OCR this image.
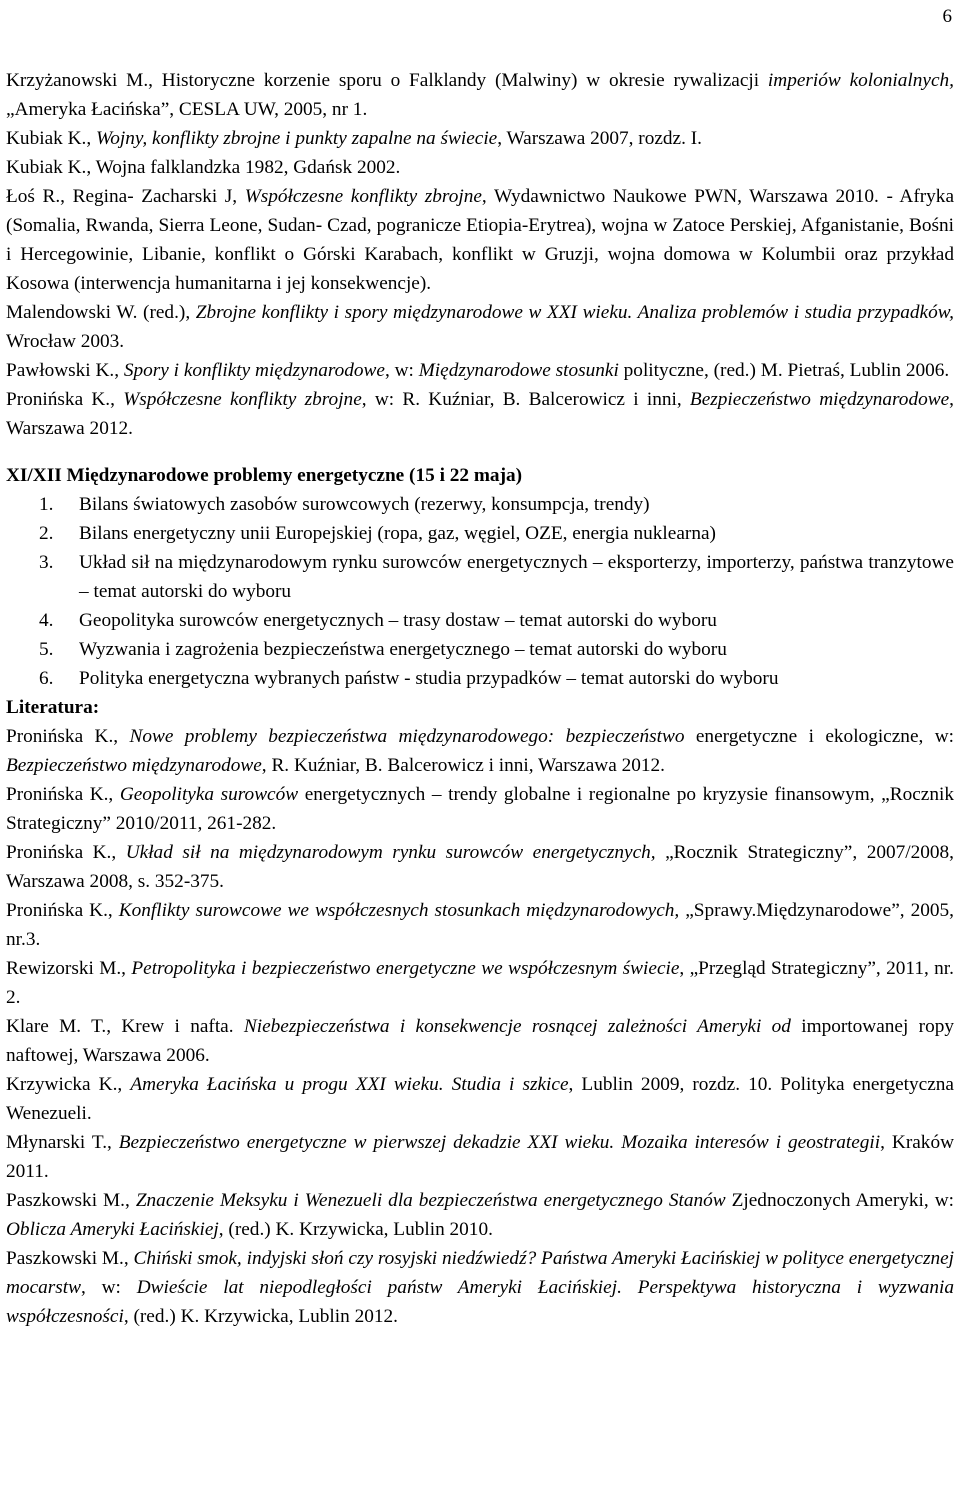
6

Krzyżanowski M., Historyczne korzenie sporu o Falklandy (Malwiny) w okresie rywalizacji imperiów kolonialnych, „Ameryka Łacińska”, CESLA UW, 2005, nr 1.

Kubiak K., Wojny, konflikty zbrojne i punkty zapalne na świecie, Warszawa 2007, rozdz. I.

Kubiak K., Wojna falklandzka 1982, Gdańsk 2002.

Łoś R., Regina- Zacharski J, Współczesne konflikty zbrojne, Wydawnictwo Naukowe PWN, Warszawa 2010. - Afryka (Somalia, Rwanda, Sierra Leone, Sudan- Czad, pogranicze Etiopia-Erytrea), wojna w Zatoce Perskiej, Afganistanie, Bośni i Hercegowinie, Libanie, konflikt o Górski Karabach, konflikt w Gruzji, wojna domowa w Kolumbii oraz przykład Kosowa (interwencja humanitarna i jej konsekwencje).

Malendowski W. (red.), Zbrojne konflikty i spory międzynarodowe w XXI wieku. Analiza problemów i studia przypadków, Wrocław 2003.

Pawłowski K., Spory i konflikty międzynarodowe, w: Międzynarodowe stosunki polityczne, (red.) M. Pietraś, Lublin 2006.

Pronińska K., Współczesne konflikty zbrojne, w: R. Kuźniar, B. Balcerowicz i inni, Bezpieczeństwo międzynarodowe, Warszawa 2012.

XI/XII Międzynarodowe problemy energetyczne (15 i 22 maja)

1. Bilans światowych zasobów surowcowych (rezerwy, konsumpcja, trendy)
2. Bilans energetyczny unii Europejskiej (ropa, gaz, węgiel, OZE, energia nuklearna)
3. Układ sił na międzynarodowym rynku surowców energetycznych – eksporterzy, importerzy, państwa tranzytowe – temat autorski do wyboru
4. Geopolityka surowców energetycznych – trasy dostaw – temat autorski do wyboru
5. Wyzwania i zagrożenia bezpieczeństwa energetycznego – temat autorski do wyboru
6. Polityka energetyczna wybranych państw - studia przypadków – temat autorski do wyboru

Literatura:

Pronińska K., Nowe problemy bezpieczeństwa międzynarodowego: bezpieczeństwo energetyczne i ekologiczne, w: Bezpieczeństwo międzynarodowe, R. Kuźniar, B. Balcerowicz i inni, Warszawa 2012.

Pronińska K., Geopolityka surowców energetycznych – trendy globalne i regionalne po kryzysie finansowym, „Rocznik Strategiczny” 2010/2011, 261-282.

Pronińska K., Układ sił na międzynarodowym rynku surowców energetycznych, „Rocznik Strategiczny”, 2007/2008, Warszawa 2008, s. 352-375.

Pronińska K., Konflikty surowcowe we współczesnych stosunkach międzynarodowych, „Sprawy.Międzynarodowe”, 2005, nr.3.

Rewizorski M., Petropolityka i bezpieczeństwo energetyczne we współczesnym świecie, „Przegląd Strategiczny”, 2011, nr. 2.

Klare M. T., Krew i nafta. Niebezpieczeństwa i konsekwencje rosnącej zależności Ameryki od importowanej ropy naftowej, Warszawa 2006.

Krzywicka K., Ameryka Łacińska u progu XXI wieku. Studia i szkice, Lublin 2009, rozdz. 10. Polityka energetyczna Wenezueli.

Młynarski T., Bezpieczeństwo energetyczne w pierwszej dekadzie XXI wieku. Mozaika interesów i geostrategii, Kraków 2011.

Paszkowski M., Znaczenie Meksyku i Wenezueli dla bezpieczeństwa energetycznego Stanów Zjednoczonych Ameryki, w: Oblicza Ameryki Łacińskiej, (red.) K. Krzywicka, Lublin 2010.

Paszkowski M., Chiński smok, indyjski słoń czy rosyjski niedźwiedź? Państwa Ameryki Łacińskiej w polityce energetycznej mocarstw, w: Dwieście lat niepodległości państw Ameryki Łacińskiej. Perspektywa historyczna i wyzwania współczesności, (red.) K. Krzywicka, Lublin 2012.
